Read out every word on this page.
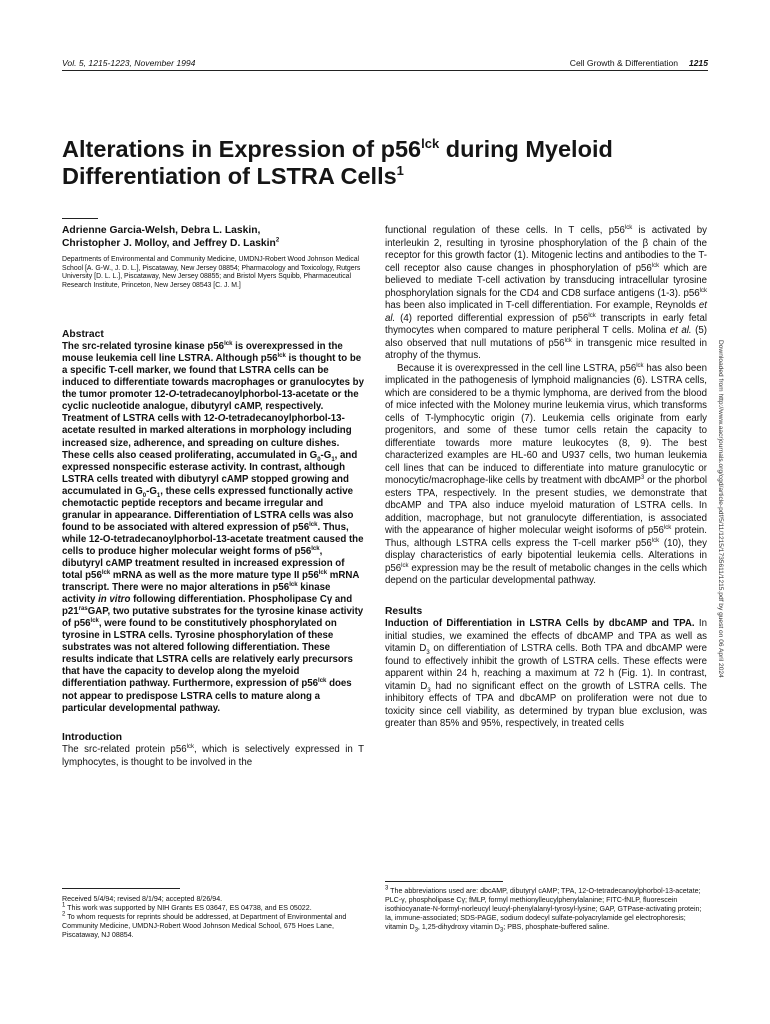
Vol. 5, 1215-1223, November 1994	Cell Growth & Differentiation 1215
Alterations in Expression of $p56^{lck}$ during Myeloid
Differentiation of LSTRA Cells$^1$
Adrienne Garcia-Welsh, Debra L. Laskin,
Christopher J. Molloy, and Jeffrey D. Laskin$^2$
Departments of Environmental and Community Medicine, UMDNJ-Robert Wood Johnson Medical School [A. G-W., J. D. L.], Piscataway, New Jersey 08854; Pharmacology and Toxicology, Rutgers University [D. L. L.], Piscataway, New Jersey 08855; and Bristol Myers Squibb, Pharmaceutical Research Institute, Princeton, New Jersey 08543 [C. J. M.]
Abstract
The src-related tyrosine kinase $p56^{lck}$ is overexpressed in the mouse leukemia cell line LSTRA. Although $p56^{lck}$ is thought to be a specific T-cell marker, we found that LSTRA cells can be induced to differentiate towards macrophages or granulocytes by the tumor promoter 12-O-tetradecanoylphorbol-13-acetate or the cyclic nucleotide analogue, dibutyryl cAMP, respectively. Treatment of LSTRA cells with 12-O-tetradecanoylphorbol-13-acetate resulted in marked alterations in morphology including increased size, adherence, and spreading on culture dishes. These cells also ceased proliferating, accumulated in $G_0-G_1$, and expressed nonspecific esterase activity. In contrast, although LSTRA cells treated with dibutyryl cAMP stopped growing and accumulated in $G_0-G_1$, these cells expressed functionally active chemotactic peptide receptors and became irregular and granular in appearance. Differentiation of LSTRA cells was also found to be associated with altered expression of $p56^{lck}$. Thus, while 12-O-tetradecanoylphorbol-13-acetate treatment caused the cells to produce higher molecular weight forms of $p56^{lck}$, dibutyryl cAMP treatment resulted in increased expression of total $p56^{lck}$ mRNA as well as the more mature type II $p56^{lck}$ mRNA transcript. There were no major alterations in $p56^{lck}$ kinase activity in vitro following differentiation. Phospholipase Cγ and $p21^{ras}GAP$, two putative substrates for the tyrosine kinase activity of $p56^{lck}$, were found to be constitutively phosphorylated on tyrosine in LSTRA cells. Tyrosine phosphorylation of these substrates was not altered following differentiation. These results indicate that LSTRA cells are relatively early precursors that have the capacity to develop along the myeloid differentiation pathway. Furthermore, expression of $p56^{lck}$ does not appear to predispose LSTRA cells to mature along a particular developmental pathway.
Introduction
The src-related protein $p56^{lck}$, which is selectively expressed in T lymphocytes, is thought to be involved in the
functional regulation of these cells. In T cells, $p56^{lck}$ is activated by interleukin 2, resulting in tyrosine phosphorylation of the β chain of the receptor for this growth factor (1). Mitogenic lectins and antibodies to the T-cell receptor also cause changes in phosphorylation of $p56^{lck}$ which are believed to mediate T-cell activation by transducing intracellular tyrosine phosphorylation signals for the CD4 and CD8 surface antigens (1-3). $p56^{lck}$ has been also implicated in T-cell differentiation. For example, Reynolds et al. (4) reported differential expression of $p56^{lck}$ transcripts in early fetal thymocytes when compared to mature peripheral T cells. Molina et al. (5) also observed that null mutations of $p56^{lck}$ in transgenic mice resulted in atrophy of the thymus.
Because it is overexpressed in the cell line LSTRA, $p56^{lck}$ has also been implicated in the pathogenesis of lymphoid malignancies (6). LSTRA cells, which are considered to be a thymic lymphoma, are derived from the blood of mice infected with the Moloney murine leukemia virus, which transforms cells of T-lymphocytic origin (7). Leukemia cells originate from early progenitors, and some of these tumor cells retain the capacity to differentiate towards more mature leukocytes (8, 9). The best characterized examples are HL-60 and U937 cells, two human leukemia cell lines that can be induced to differentiate into mature granulocytic or monocytic/macrophage-like cells by treatment with dbcAMP$^3$ or the phorbol esters TPA, respectively. In the present studies, we demonstrate that dbcAMP and TPA also induce myeloid maturation of LSTRA cells. In addition, macrophage, but not granulocyte differentiation, is associated with the appearance of higher molecular weight isoforms of $p56^{lck}$ protein. Thus, although LSTRA cells express the T-cell marker $p56^{lck}$ (10), they display characteristics of early bipotential leukemia cells. Alterations in $p56^{lck}$ expression may be the result of metabolic changes in the cells which depend on the particular developmental pathway.
Results
Induction of Differentiation in LSTRA Cells by dbcAMP and TPA. In initial studies, we examined the effects of dbcAMP and TPA as well as vitamin $D_3$ on differentiation of LSTRA cells. Both TPA and dbcAMP were found to effectively inhibit the growth of LSTRA cells. These effects were apparent within 24 h, reaching a maximum at 72 h (Fig. 1). In contrast, vitamin $D_3$ had no significant effect on the growth of LSTRA cells. The inhibitory effects of TPA and dbcAMP on proliferation were not due to toxicity since cell viability, as determined by trypan blue exclusion, was greater than 85% and 95%, respectively, in treated cells

Received 5/4/94; revised 8/1/94; accepted 8/26/94.

$^1$ This work was supported by NIH Grants ES 03647, ES 04738, and ES 05022.

$^2$ To whom requests for reprints should be addressed, at Department of Environmental and Community Medicine, UMDNJ-Robert Wood Johnson Medical School, 675 Hoes Lane, Piscataway, NJ 08854.

$^3$ The abbreviations used are: dbcAMP, dibutyryl cAMP; TPA, 12-O-tetradecanoylphorbol-13-acetate; PLC-γ, phospholipase Cγ; fMLP, formyl methionylleucylphenylalanine; FITC-fNLP, fluorescein isothiocyanate-N-formyl-norleucyl leucyl-phenylalanyl-tyrosyl-lysine; GAP, GTPase-activating protein; Ia, immune-associated; SDS-PAGE, sodium dodecyl sulfate-polyacrylamide gel electrophoresis; vitamin $D_3$, 1,25-dihydroxy vitamin $D_3$; PBS, phosphate-buffered saline.

Downloaded from http://www.aacrjournals.org/cgd/article-pdf/5/11/1215/1735611/1215.pdf by guest on 06 April 2024
